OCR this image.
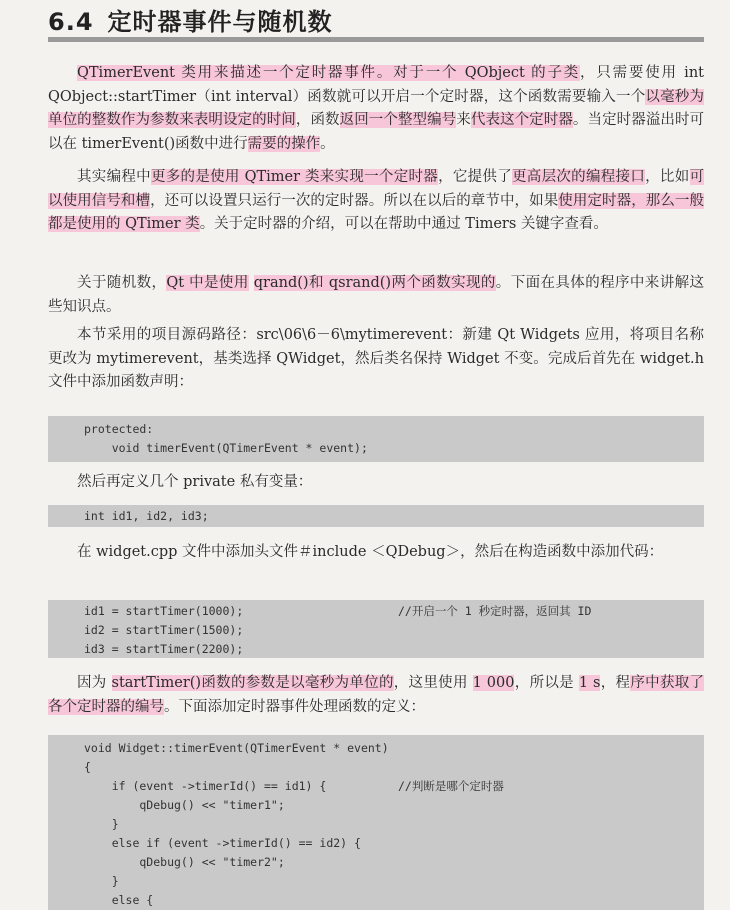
6.4 定时器事件与随机数

QTimerEvent 类用来描述一个定时器事件。对于一个 QObject 的子类，只需要使用 int QObject::startTimer（int interval）函数就可以开启一个定时器，这个函数需要输入一个以毫秒为单位的整数作为参数来表明设定的时间，函数返回一个整型编号来代表这个定时器。当定时器溢出时可以在 timerEvent()函数中进行需要的操作。

其实编程中更多的是使用 QTimer 类来实现一个定时器，它提供了更高层次的编程接口，比如可以使用信号和槽，还可以设置只运行一次的定时器。所以在以后的章节中，如果使用定时器，那么一般都是使用的 QTimer 类。关于定时器的介绍，可以在帮助中通过 Timers 关键字查看。

关于随机数，Qt 中是使用 qrand()和 qsrand()两个函数实现的。下面在具体的程序中来讲解这些知识点。

本节采用的项目源码路径：src\06\6－6\mytimerevent：新建 Qt Widgets 应用，将项目名称更改为 mytimerevent，基类选择 QWidget，然后类名保持 Widget 不变。完成后首先在 widget.h 文件中添加函数声明：

protected:
void timerEvent(QTimerEvent * event);

然后再定义几个 private 私有变量：

int id1, id2, id3;

在 widget.cpp 文件中添加头文件＃include ＜QDebug＞，然后在构造函数中添加代码：

id1 = startTimer(1000);
id2 = startTimer(1500);
id3 = startTimer(2200);
//开启一个 1 秒定时器，返回其 ID

因为 startTimer()函数的参数是以毫秒为单位的，这里使用 1 000，所以是 1 s，程序中获取了各个定时器的编号。下面添加定时器事件处理函数的定义：

void Widget::timerEvent(QTimerEvent * event)
{
if (event ->timerId() == id1) {
qDebug() << "timer1";
}
else if (event ->timerId() == id2) {
qDebug() << "timer2";
}
else {
//判断是哪个定时器
